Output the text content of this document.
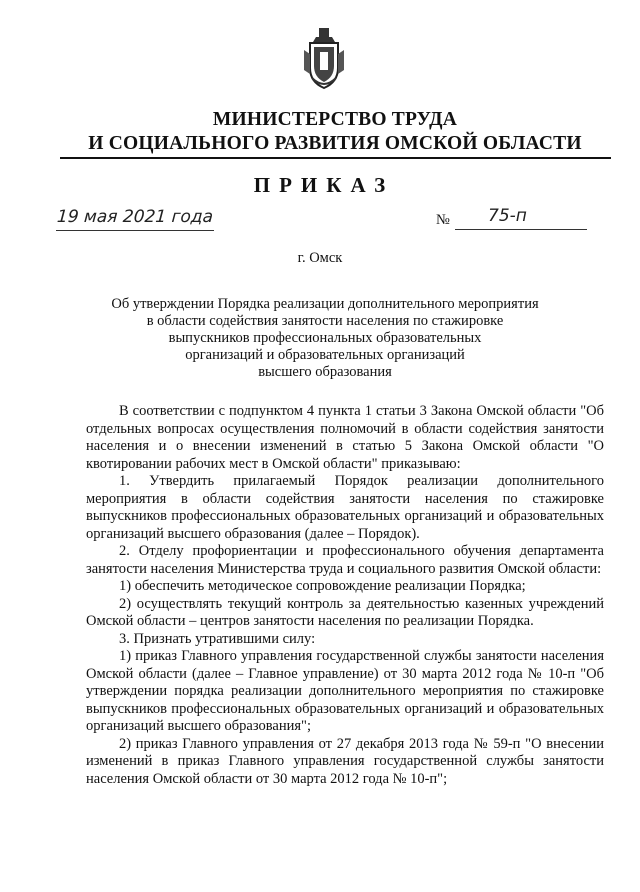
МИНИСТЕРСТВО ТРУДА
И СОЦИАЛЬНОГО РАЗВИТИЯ ОМСКОЙ ОБЛАСТИ
ПРИКАЗ
19 мая 2021 года	№ 75-п
г. Омск
Об утверждении Порядка реализации дополнительного мероприятия
в области содействия занятости населения по стажировке
выпускников профессиональных образовательных
организаций и образовательных организаций
высшего образования
В соответствии с подпунктом 4 пункта 1 статьи 3 Закона Омской области "Об отдельных вопросах осуществления полномочий в области содействия занятости населения и о внесении изменений в статью 5 Закона Омской области "О квотировании рабочих мест в Омской области" приказываю:
1. Утвердить прилагаемый Порядок реализации дополнительного мероприятия в области содействия занятости населения по стажировке выпускников профессиональных образовательных организаций и образовательных организаций высшего образования (далее – Порядок).
2. Отделу профориентации и профессионального обучения департамента занятости населения Министерства труда и социального развития Омской области:
1) обеспечить методическое сопровождение реализации Порядка;
2) осуществлять текущий контроль за деятельностью казенных учреждений Омской области – центров занятости населения по реализации Порядка.
3. Признать утратившими силу:
1) приказ Главного управления государственной службы занятости населения Омской области (далее – Главное управление) от 30 марта 2012 года № 10-п "Об утверждении порядка реализации дополнительного мероприятия по стажировке выпускников профессиональных образовательных организаций и образовательных организаций высшего образования";
2) приказ Главного управления от 27 декабря 2013 года № 59-п "О внесении изменений в приказ Главного управления государственной службы занятости населения Омской области от 30 марта 2012 года № 10-п";
